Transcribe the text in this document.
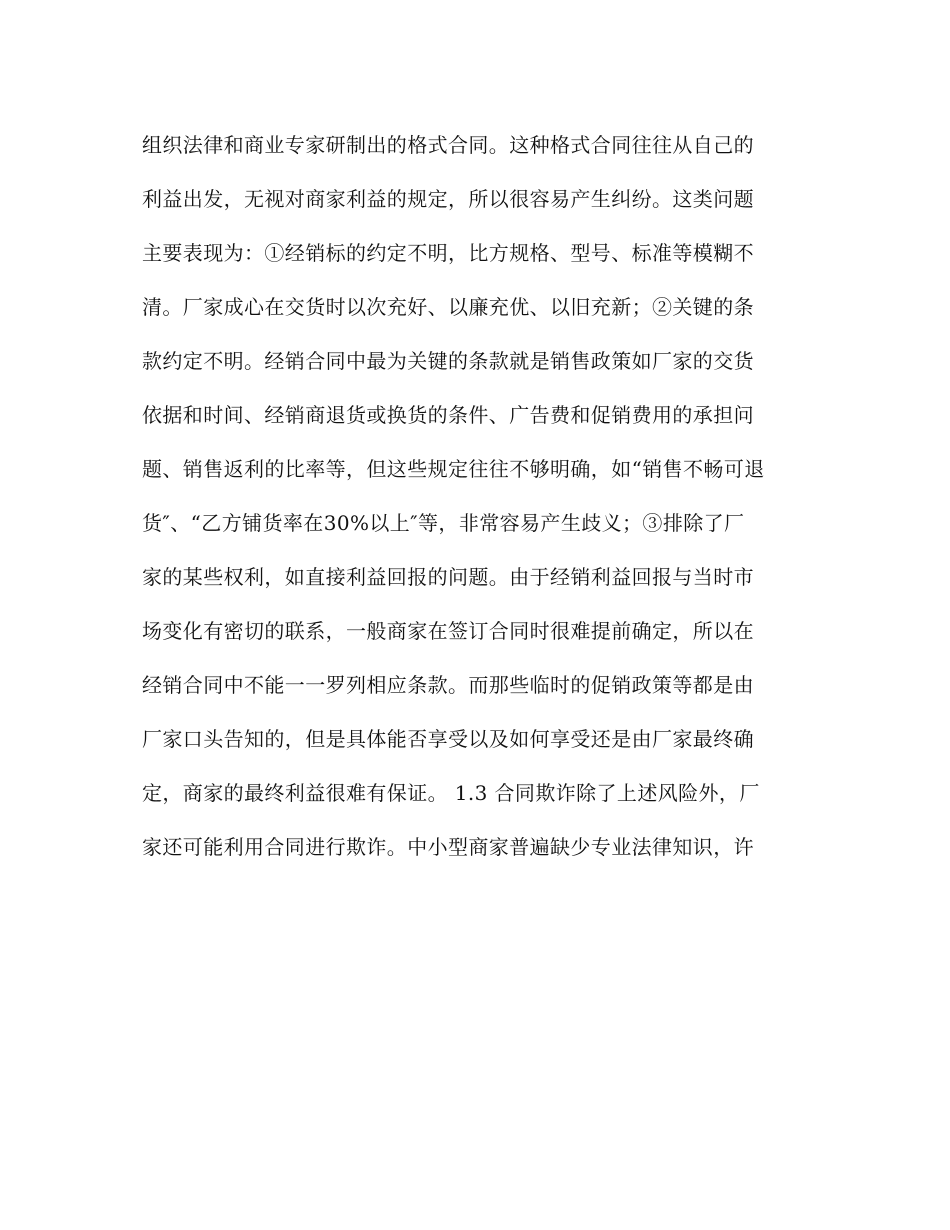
组织法律和商业专家研制出的格式合同。这种格式合同往往从自己的
利益出发，无视对商家利益的规定，所以很容易产生纠纷。这类问题
主要表现为：①经销标的约定不明，比方规格、型号、标准等模糊不
清。厂家成心在交货时以次充好、以廉充优、以旧充新；②关键的条
款约定不明。经销合同中最为关键的条款就是销售政策如厂家的交货
依据和时间、经销商退货或换货的条件、广告费和促销费用的承担问
题、销售返利的比率等，但这些规定往往不够明确，如“销售不畅可退
货″、“乙方铺货率在30%以上″等，非常容易产生歧义；③排除了厂
家的某些权利，如直接利益回报的问题。由于经销利益回报与当时市
场变化有密切的联系，一般商家在签订合同时很难提前确定，所以在
经销合同中不能一一罗列相应条款。而那些临时的促销政策等都是由
厂家口头告知的，但是具体能否享受以及如何享受还是由厂家最终确
定，商家的最终利益很难有保证。 1.3 合同欺诈除了上述风险外，厂
家还可能利用合同进行欺诈。中小型商家普遍缺少专业法律知识，许
